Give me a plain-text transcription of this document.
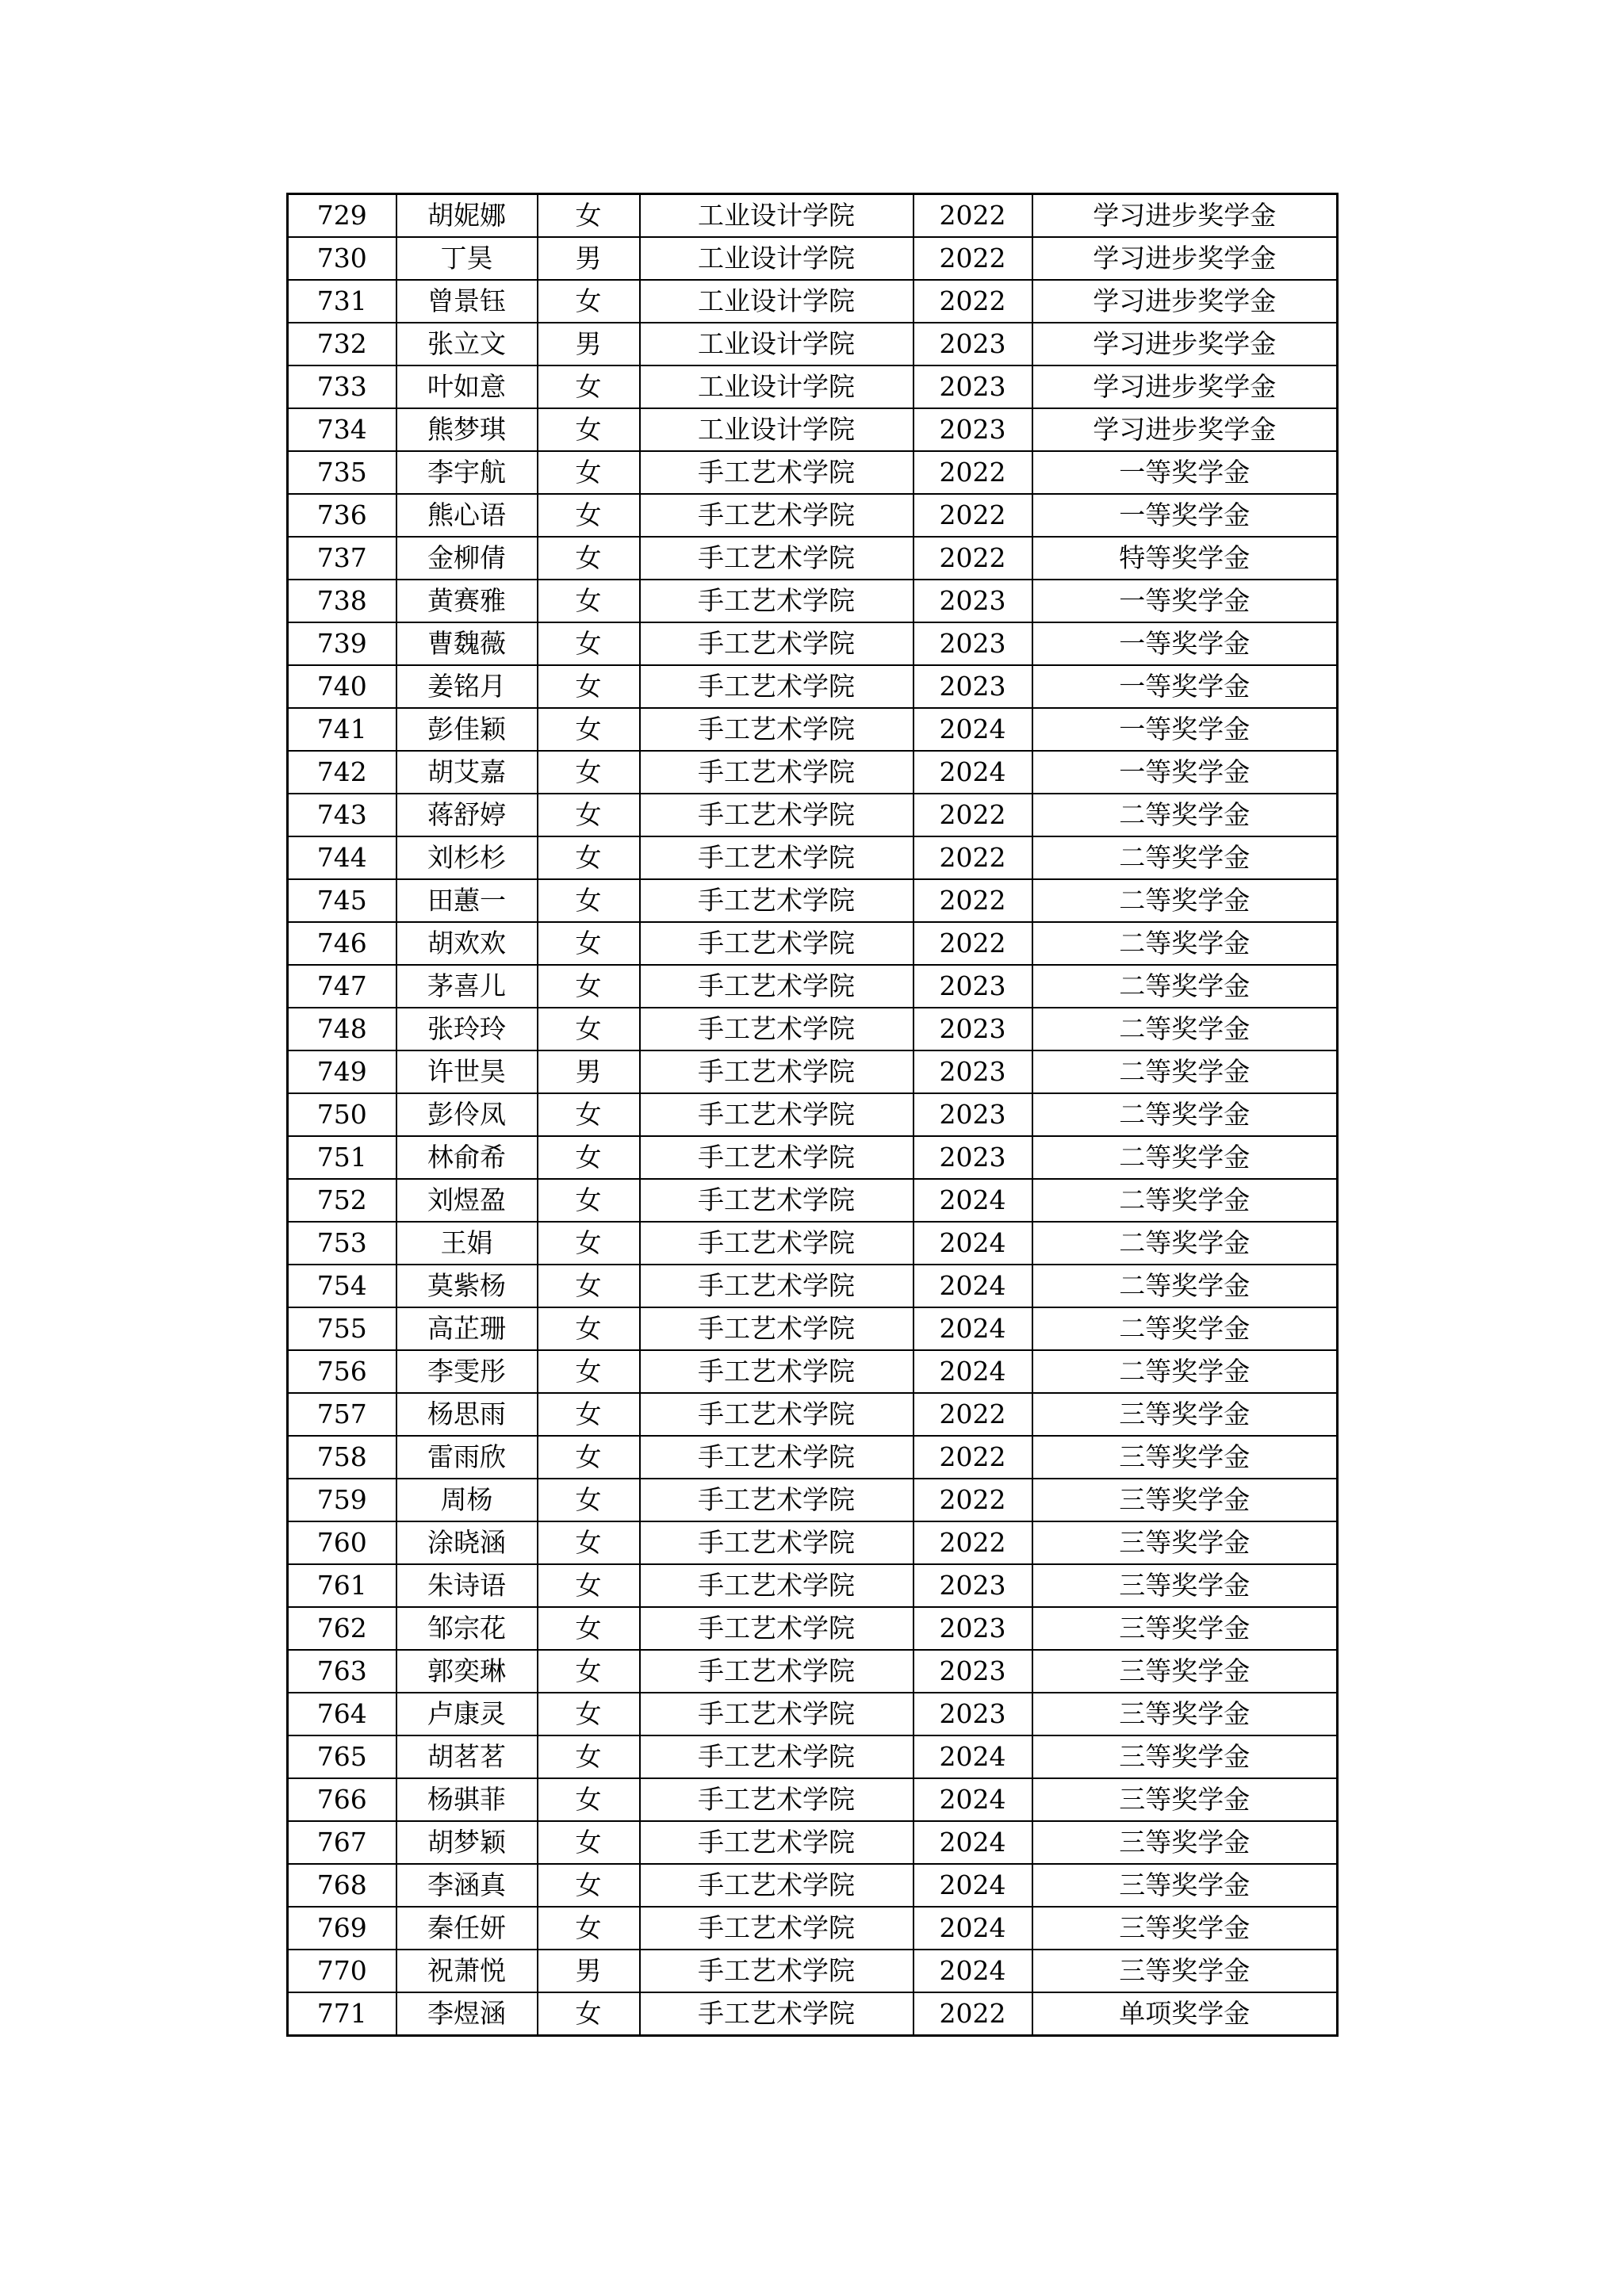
729	胡妮娜	女	工业设计学院	2022	学习进步奖学金
730	丁昊	男	工业设计学院	2022	学习进步奖学金
731	曾景钰	女	工业设计学院	2022	学习进步奖学金
732	张立文	男	工业设计学院	2023	学习进步奖学金
733	叶如意	女	工业设计学院	2023	学习进步奖学金
734	熊梦琪	女	工业设计学院	2023	学习进步奖学金
735	李宇航	女	手工艺术学院	2022	一等奖学金
736	熊心语	女	手工艺术学院	2022	一等奖学金
737	金柳倩	女	手工艺术学院	2022	特等奖学金
738	黄赛雅	女	手工艺术学院	2023	一等奖学金
739	曹魏薇	女	手工艺术学院	2023	一等奖学金
740	姜铭月	女	手工艺术学院	2023	一等奖学金
741	彭佳颖	女	手工艺术学院	2024	一等奖学金
742	胡艾嘉	女	手工艺术学院	2024	一等奖学金
743	蒋舒婷	女	手工艺术学院	2022	二等奖学金
744	刘杉杉	女	手工艺术学院	2022	二等奖学金
745	田蕙一	女	手工艺术学院	2022	二等奖学金
746	胡欢欢	女	手工艺术学院	2022	二等奖学金
747	茅喜儿	女	手工艺术学院	2023	二等奖学金
748	张玲玲	女	手工艺术学院	2023	二等奖学金
749	许世昊	男	手工艺术学院	2023	二等奖学金
750	彭伶凤	女	手工艺术学院	2023	二等奖学金
751	林俞希	女	手工艺术学院	2023	二等奖学金
752	刘煜盈	女	手工艺术学院	2024	二等奖学金
753	王娟	女	手工艺术学院	2024	二等奖学金
754	莫紫杨	女	手工艺术学院	2024	二等奖学金
755	高芷珊	女	手工艺术学院	2024	二等奖学金
756	李雯彤	女	手工艺术学院	2024	二等奖学金
757	杨思雨	女	手工艺术学院	2022	三等奖学金
758	雷雨欣	女	手工艺术学院	2022	三等奖学金
759	周杨	女	手工艺术学院	2022	三等奖学金
760	涂晓涵	女	手工艺术学院	2022	三等奖学金
761	朱诗语	女	手工艺术学院	2023	三等奖学金
762	邹宗花	女	手工艺术学院	2023	三等奖学金
763	郭奕琳	女	手工艺术学院	2023	三等奖学金
764	卢康灵	女	手工艺术学院	2023	三等奖学金
765	胡茗茗	女	手工艺术学院	2024	三等奖学金
766	杨骐菲	女	手工艺术学院	2024	三等奖学金
767	胡梦颖	女	手工艺术学院	2024	三等奖学金
768	李涵真	女	手工艺术学院	2024	三等奖学金
769	秦任妍	女	手工艺术学院	2024	三等奖学金
770	祝萧悦	男	手工艺术学院	2024	三等奖学金
771	李煜涵	女	手工艺术学院	2022	单项奖学金
